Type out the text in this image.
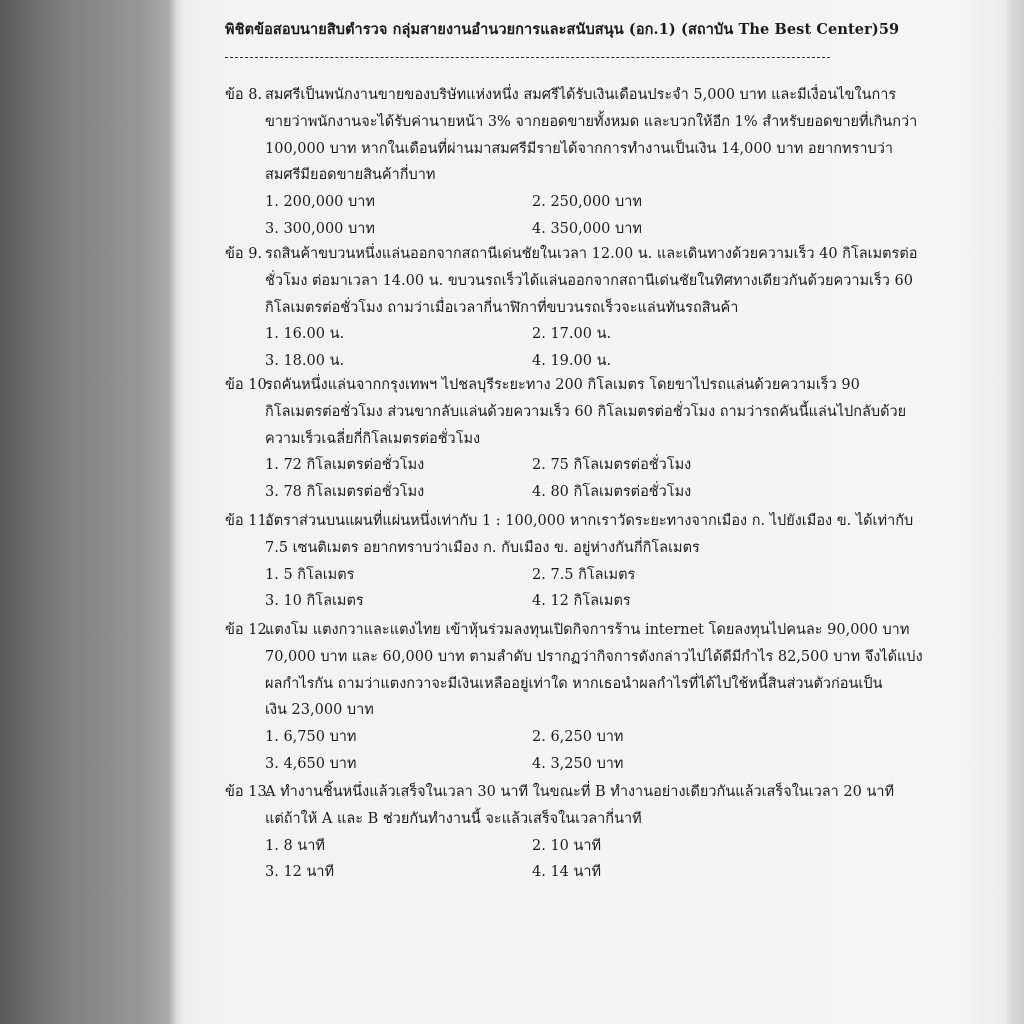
พิชิตข้อสอบนายสิบตำรวจ กลุ่มสายงานอำนวยการและสนับสนุน (อก.1) (สถาบัน The Best Center)59
ข้อ 8. สมศรีเป็นพนักงานขายของบริษัทแห่งหนึ่ง สมศรีได้รับเงินเดือนประจำ 5,000 บาท และมีเงื่อนไขในการ
ขายว่าพนักงานจะได้รับค่านายหน้า 3% จากยอดขายทั้งหมด และบวกให้อีก 1% สำหรับยอดขายที่เกินกว่า
100,000 บาท หากในเดือนที่ผ่านมาสมศรีมีรายได้จากการทำงานเป็นเงิน 14,000 บาท อยากทราบว่า
สมศรีมียอดขายสินค้ากี่บาท
1. 200,000 บาท	2. 250,000 บาท
3. 300,000 บาท	4. 350,000 บาท
ข้อ 9. รถสินค้าขบวนหนึ่งแล่นออกจากสถานีเด่นชัยในเวลา 12.00 น. และเดินทางด้วยความเร็ว 40 กิโลเมตรต่อ
ชั่วโมง ต่อมาเวลา 14.00 น. ขบวนรถเร็วได้แล่นออกจากสถานีเด่นชัยในทิศทางเดียวกันด้วยความเร็ว 60
กิโลเมตรต่อชั่วโมง ถามว่าเมื่อเวลากี่นาฬิกาที่ขบวนรถเร็วจะแล่นทันรถสินค้า
1. 16.00 น.	2. 17.00 น.
3. 18.00 น.	4. 19.00 น.
ข้อ 10.
รถคันหนึ่งแล่นจากกรุงเทพฯ ไปชลบุรีระยะทาง 200 กิโลเมตร โดยขาไปรถแล่นด้วยความเร็ว 90
กิโลเมตรต่อชั่วโมง ส่วนขากลับแล่นด้วยความเร็ว 60 กิโลเมตรต่อชั่วโมง ถามว่ารถคันนี้แล่นไปกลับด้วย
ความเร็วเฉลี่ยกี่กิโลเมตรต่อชั่วโมง
1. 72 กิโลเมตรต่อชั่วโมง	2. 75 กิโลเมตรต่อชั่วโมง
3. 78 กิโลเมตรต่อชั่วโมง	4. 80 กิโลเมตรต่อชั่วโมง
ข้อ 11.
อัตราส่วนบนแผนที่แผ่นหนึ่งเท่ากับ 1 : 100,000 หากเราวัดระยะทางจากเมือง ก. ไปยังเมือง ข. ได้เท่ากับ
7.5 เซนติเมตร อยากทราบว่าเมือง ก. กับเมือง ข. อยู่ห่างกันกี่กิโลเมตร
1. 5 กิโลเมตร	2. 7.5 กิโลเมตร
3. 10 กิโลเมตร	4. 12 กิโลเมตร
ข้อ 12.
แตงโม แตงกวาและแตงไทย เข้าหุ้นร่วมลงทุนเปิดกิจการร้าน internet โดยลงทุนไปคนละ 90,000 บาท
70,000 บาท และ 60,000 บาท ตามลำดับ ปรากฏว่ากิจการดังกล่าวไปได้ดีมีกำไร 82,500 บาท จึงได้แบ่ง
ผลกำไรกัน ถามว่าแตงกวาจะมีเงินเหลืออยู่เท่าใด หากเธอนำผลกำไรที่ได้ไปใช้หนี้สินส่วนตัวก่อนเป็น
เงิน 23,000 บาท
1. 6,750 บาท	2. 6,250 บาท
3. 4,650 บาท	4. 3,250 บาท
ข้อ 13.
A ทำงานชิ้นหนึ่งแล้วเสร็จในเวลา 30 นาที ในขณะที่ B ทำงานอย่างเดียวกันแล้วเสร็จในเวลา 20 นาที
แต่ถ้าให้ A และ B ช่วยกันทำงานนี้ จะแล้วเสร็จในเวลากี่นาที
1. 8 นาที	2. 10 นาที
3. 12 นาที	4. 14 นาที
